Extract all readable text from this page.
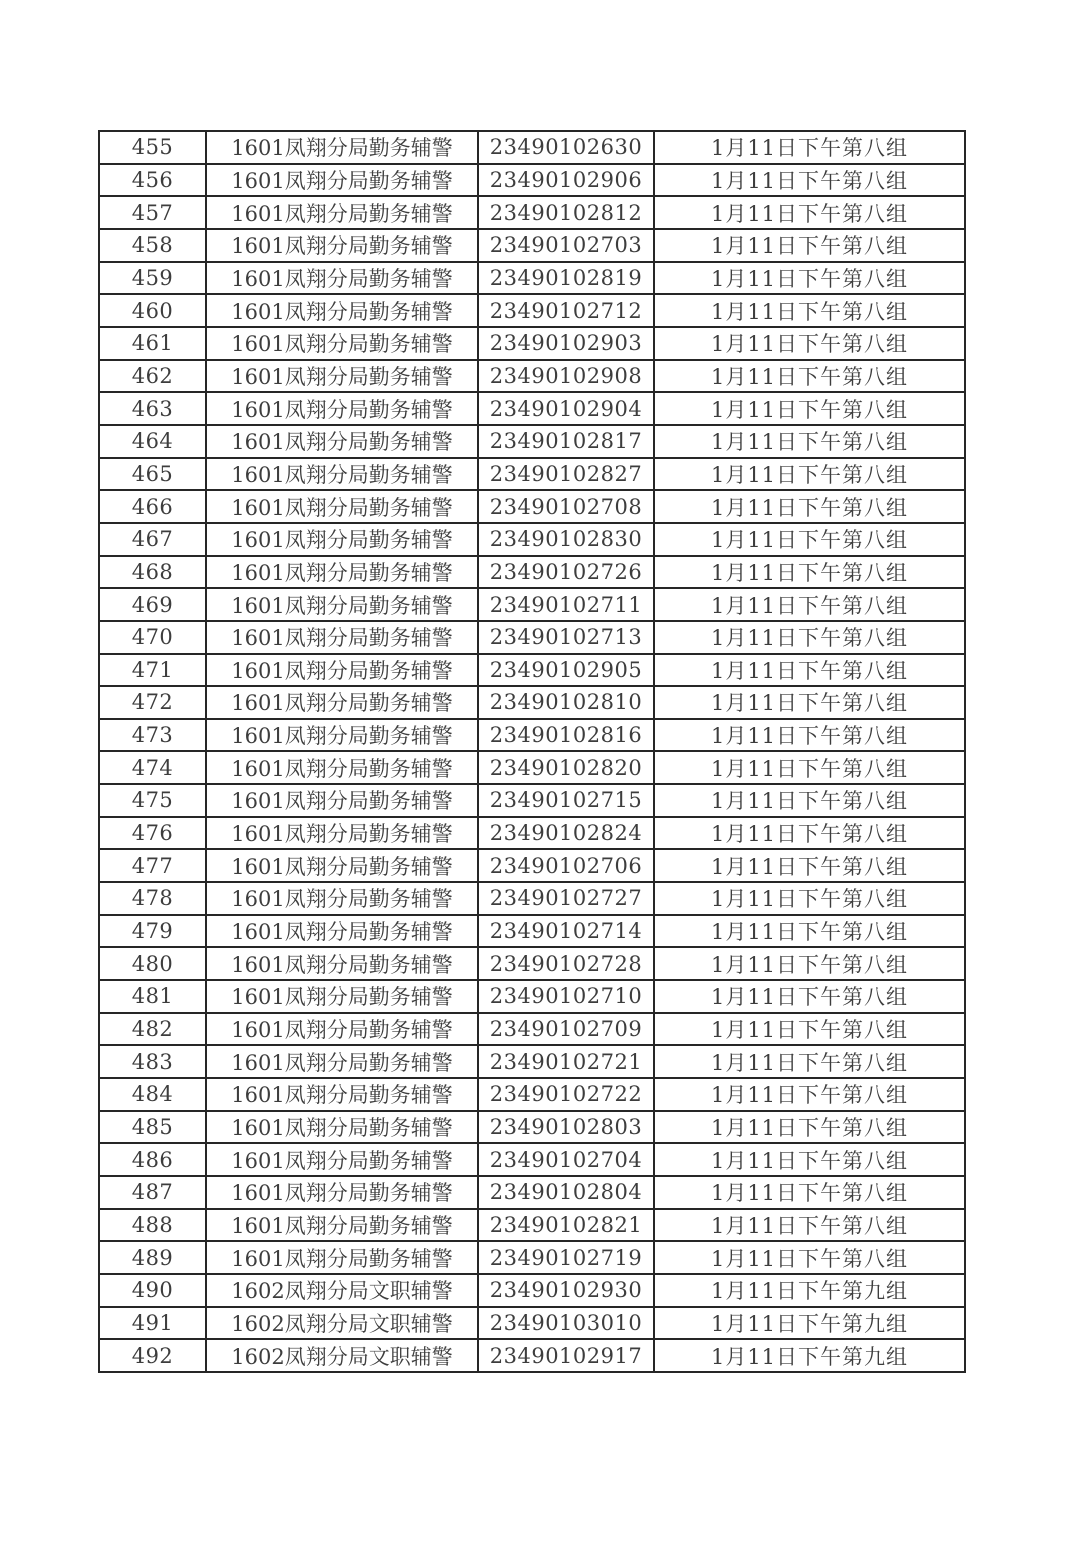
455	1601凤翔分局勤务辅警	23490102630	1月11日下午第八组
456	1601凤翔分局勤务辅警	23490102906	1月11日下午第八组
457	1601凤翔分局勤务辅警	23490102812	1月11日下午第八组
458	1601凤翔分局勤务辅警	23490102703	1月11日下午第八组
459	1601凤翔分局勤务辅警	23490102819	1月11日下午第八组
460	1601凤翔分局勤务辅警	23490102712	1月11日下午第八组
461	1601凤翔分局勤务辅警	23490102903	1月11日下午第八组
462	1601凤翔分局勤务辅警	23490102908	1月11日下午第八组
463	1601凤翔分局勤务辅警	23490102904	1月11日下午第八组
464	1601凤翔分局勤务辅警	23490102817	1月11日下午第八组
465	1601凤翔分局勤务辅警	23490102827	1月11日下午第八组
466	1601凤翔分局勤务辅警	23490102708	1月11日下午第八组
467	1601凤翔分局勤务辅警	23490102830	1月11日下午第八组
468	1601凤翔分局勤务辅警	23490102726	1月11日下午第八组
469	1601凤翔分局勤务辅警	23490102711	1月11日下午第八组
470	1601凤翔分局勤务辅警	23490102713	1月11日下午第八组
471	1601凤翔分局勤务辅警	23490102905	1月11日下午第八组
472	1601凤翔分局勤务辅警	23490102810	1月11日下午第八组
473	1601凤翔分局勤务辅警	23490102816	1月11日下午第八组
474	1601凤翔分局勤务辅警	23490102820	1月11日下午第八组
475	1601凤翔分局勤务辅警	23490102715	1月11日下午第八组
476	1601凤翔分局勤务辅警	23490102824	1月11日下午第八组
477	1601凤翔分局勤务辅警	23490102706	1月11日下午第八组
478	1601凤翔分局勤务辅警	23490102727	1月11日下午第八组
479	1601凤翔分局勤务辅警	23490102714	1月11日下午第八组
480	1601凤翔分局勤务辅警	23490102728	1月11日下午第八组
481	1601凤翔分局勤务辅警	23490102710	1月11日下午第八组
482	1601凤翔分局勤务辅警	23490102709	1月11日下午第八组
483	1601凤翔分局勤务辅警	23490102721	1月11日下午第八组
484	1601凤翔分局勤务辅警	23490102722	1月11日下午第八组
485	1601凤翔分局勤务辅警	23490102803	1月11日下午第八组
486	1601凤翔分局勤务辅警	23490102704	1月11日下午第八组
487	1601凤翔分局勤务辅警	23490102804	1月11日下午第八组
488	1601凤翔分局勤务辅警	23490102821	1月11日下午第八组
489	1601凤翔分局勤务辅警	23490102719	1月11日下午第八组
490	1602凤翔分局文职辅警	23490102930	1月11日下午第九组
491	1602凤翔分局文职辅警	23490103010	1月11日下午第九组
492	1602凤翔分局文职辅警	23490102917	1月11日下午第九组
